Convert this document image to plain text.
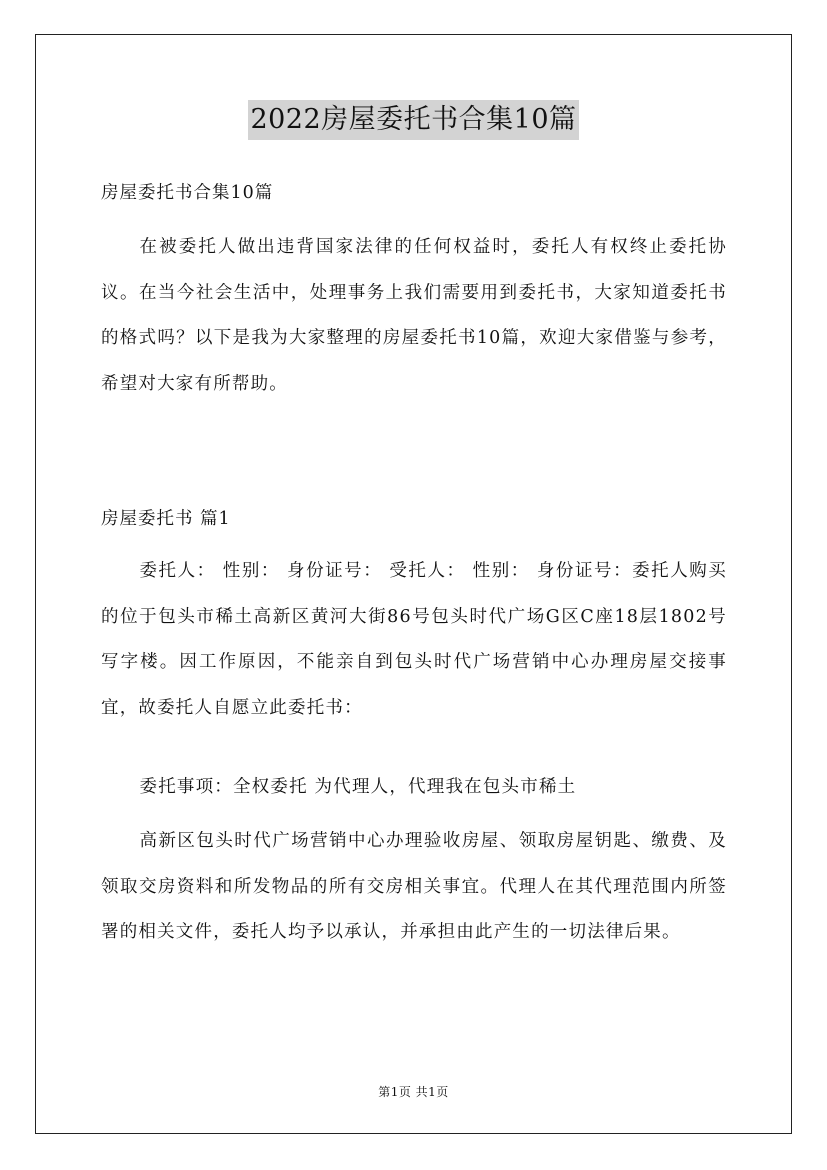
2022房屋委托书合集10篇

房屋委托书合集10篇

在被委托人做出违背国家法律的任何权益时，委托人有权终止委托协议。在当今社会生活中，处理事务上我们需要用到委托书，大家知道委托书的格式吗？以下是我为大家整理的房屋委托书10篇，欢迎大家借鉴与参考，希望对大家有所帮助。

房屋委托书 篇1

委托人： 性别： 身份证号： 受托人： 性别： 身份证号：委托人购买的位于包头市稀土高新区黄河大街86号包头时代广场G区C座18层1802号写字楼。因工作原因，不能亲自到包头时代广场营销中心办理房屋交接事宜，故委托人自愿立此委托书：

委托事项：全权委托 为代理人，代理我在包头市稀土

高新区包头时代广场营销中心办理验收房屋、领取房屋钥匙、缴费、及领取交房资料和所发物品的所有交房相关事宜。代理人在其代理范围内所签署的相关文件，委托人均予以承认，并承担由此产生的一切法律后果。

第1页 共1页
